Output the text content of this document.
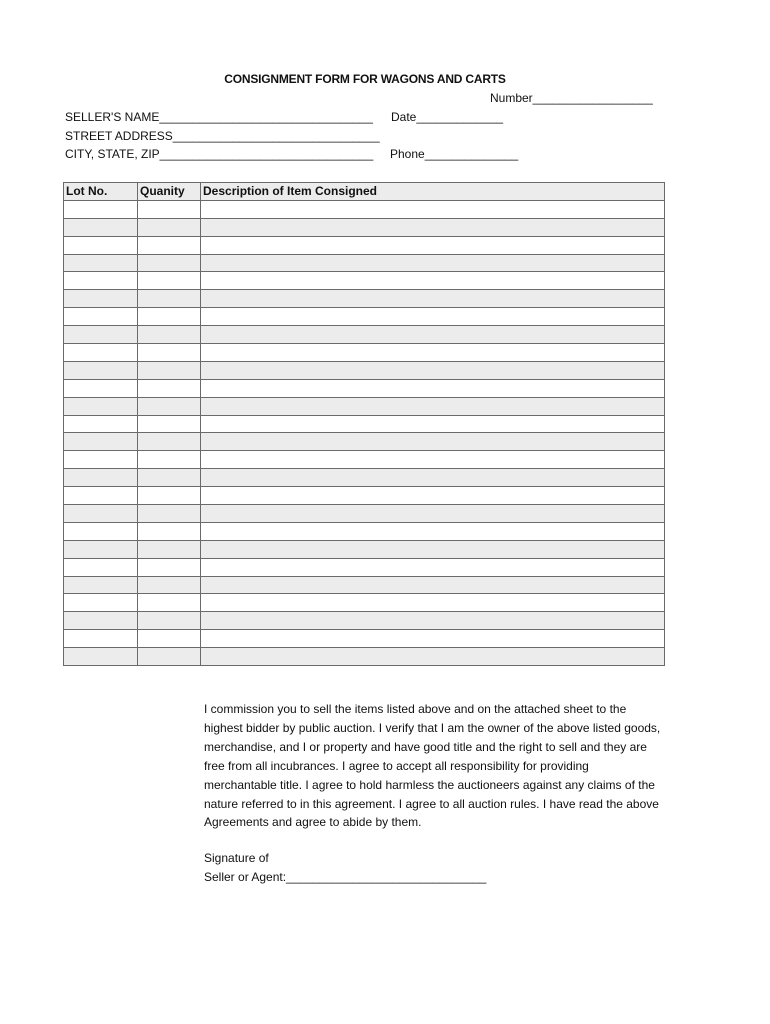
CONSIGNMENT FORM FOR WAGONS AND CARTS
Number__________________
SELLER'S NAME________________________________ Date_____________
STREET ADDRESS_______________________________
CITY, STATE, ZIP________________________________ Phone______________
Lot No.	Quanity	Description of Item Consigned

I commission you to sell the items listed above and on the attached sheet to the highest bidder by public auction. I verify that I am the owner of the above listed goods, merchandise, and I or property and have good title and the right to sell and they are free from all incubrances. I agree to accept all responsibility for providing merchantable title. I agree to hold harmless the auctioneers against any claims of the nature referred to in this agreement. I agree to all auction rules. I have read the above Agreements and agree to abide by them.
Signature of
Seller or Agent:______________________________
